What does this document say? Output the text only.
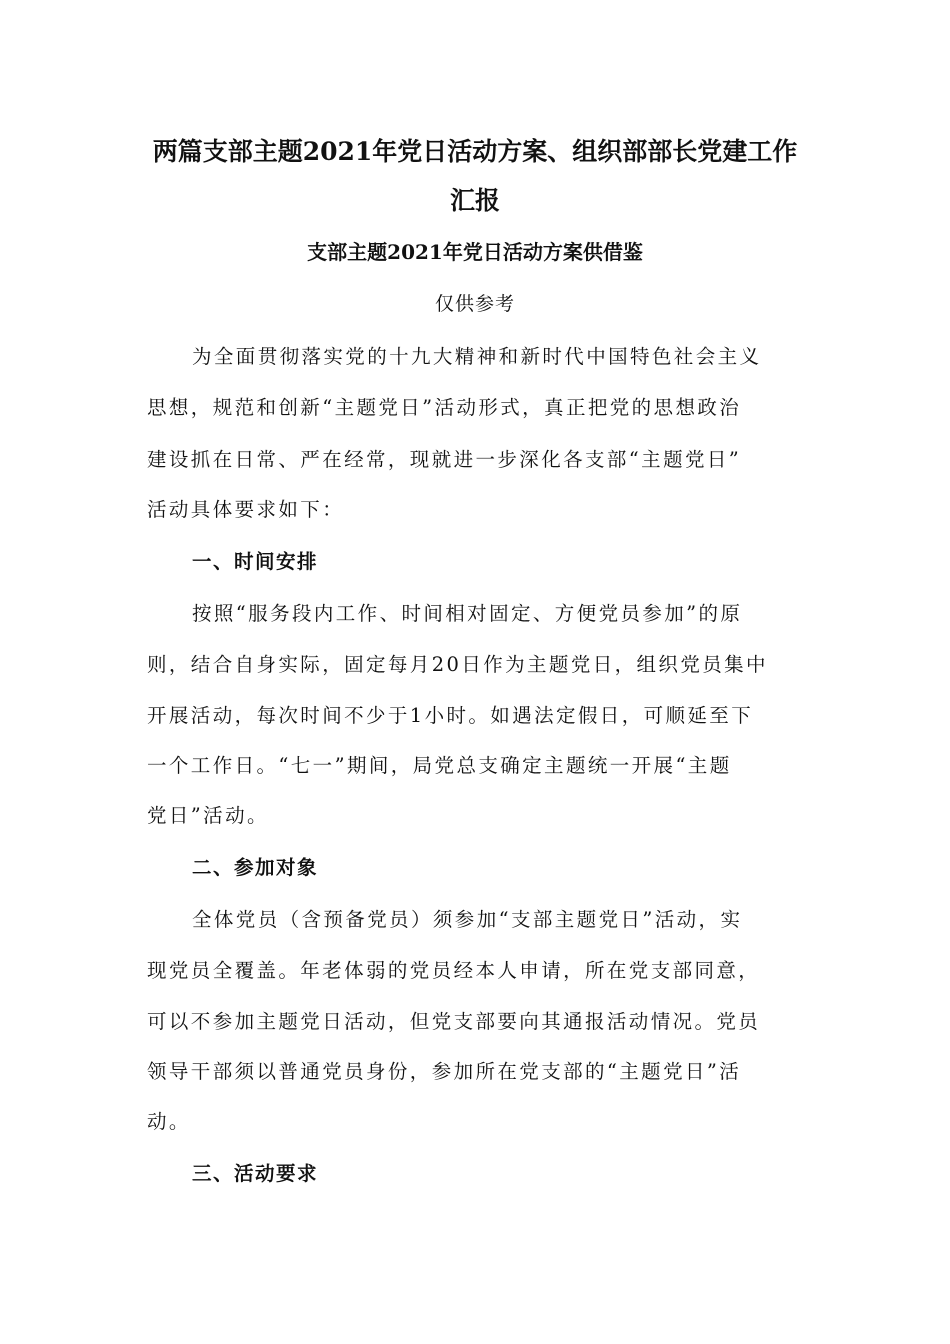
两篇支部主题2021年党日活动方案、组织部部长党建工作
汇报
支部主题2021年党日活动方案供借鉴
仅供参考
为全面贯彻落实党的十九大精神和新时代中国特色社会主义
思想，规范和创新“主题党日”活动形式，真正把党的思想政治
建设抓在日常、严在经常，现就进一步深化各支部“主题党日”
活动具体要求如下：
一、时间安排
按照“服务段内工作、时间相对固定、方便党员参加”的原
则，结合自身实际，固定每月20日作为主题党日，组织党员集中
开展活动，每次时间不少于1小时。如遇法定假日，可顺延至下
一个工作日。“七一”期间，局党总支确定主题统一开展“主题
党日”活动。
二、参加对象
全体党员（含预备党员）须参加“支部主题党日”活动，实
现党员全覆盖。年老体弱的党员经本人申请，所在党支部同意，
可以不参加主题党日活动，但党支部要向其通报活动情况。党员
领导干部须以普通党员身份，参加所在党支部的“主题党日”活
动。
三、活动要求
